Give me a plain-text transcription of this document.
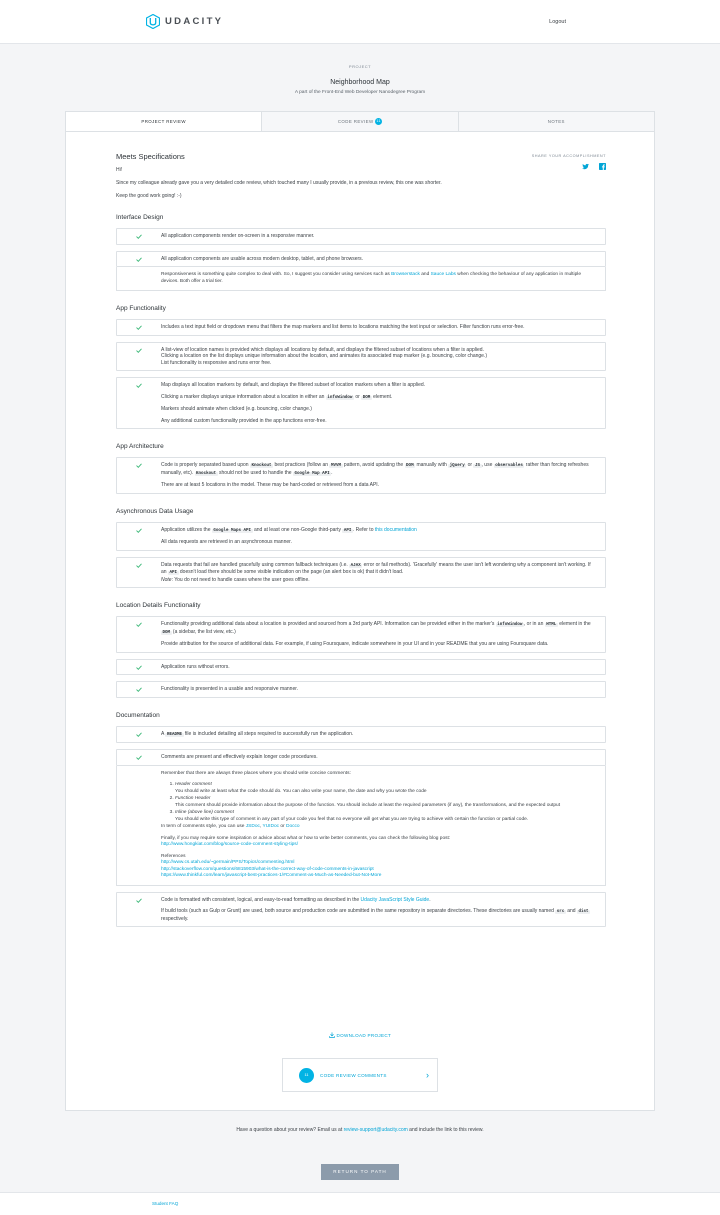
UDACITY	Logout
PROJECT
Neighborhood Map
A part of the Front-End Web Developer Nanodegree Program
PROJECT REVIEW	CODE REVIEW 11	NOTES
Meets Specifications	SHARE YOUR ACCOMPLISHMENT

Hi!

Since my colleague already gave you a very detailed code review, which touched many I usually provide, in a previous review, this one was shorter.

Keep the good work going! :-)

Interface Design

All application components render on-screen in a responsive manner.

All application components are usable across modern desktop, tablet, and phone browsers.

Responsiveness is something quite complex to deal with. So, I suggest you consider using services such as Browserstack and Sauce Labs when checking the behaviour of any application in multiple devices. Both offer a trial tier.

App Functionality

Includes a text input field or dropdown menu that filters the map markers and list items to locations matching the text input or selection. Filter function runs error-free.

A list-view of location names is provided which displays all locations by default, and displays the filtered subset of locations when a filter is applied.
Clicking a location on the list displays unique information about the location, and animates its associated map marker (e.g. bouncing, color change.)
List functionality is responsive and runs error free.

Map displays all location markers by default, and displays the filtered subset of location markers when a filter is applied.

Clicking a marker displays unique information about a location in either an infoWindow or DOM element.

Markers should animate when clicked (e.g. bouncing, color change.)

Any additional custom functionality provided in the app functions error-free.

App Architecture

Code is properly separated based upon Knockout best practices (follow an MVVM pattern, avoid updating the DOM manually with jQuery or JS , use observables rather than forcing refreshes manually, etc). Knockout should not be used to handle the Google Map API .

There are at least 5 locations in the model. These may be hard-coded or retrieved from a data API.

Asynchronous Data Usage

Application utilizes the Google Maps API and at least one non-Google third-party API . Refer to this documentation

All data requests are retrieved in an asynchronous manner.

Data requests that fail are handled gracefully using common fallback techniques (i.e. AJAX error or fail methods). 'Gracefully' means the user isn't left wondering why a component isn't working. If an API doesn't load there should be some visible indication on the page (an alert box is ok) that it didn't load.
Note: You do not need to handle cases where the user goes offline.
Location Details Functionality

Functionality providing additional data about a location is provided and sourced from a 3rd party API. Information can be provided either in the marker's infoWindow , or in an HTML element in the DOM (a sidebar, the list view, etc.)

Provide attribution for the source of additional data. For example, if using Foursquare, indicate somewhere in your UI and in your README that you are using Foursquare data.

Application runs without errors.

Functionality is presented in a usable and responsive manner.

Documentation

A README file is included detailing all steps required to successfully run the application.

Comments are present and effectively explain longer code procedures.

Remember that there are always three places where you should write concise comments:

1. Header comment
You should write at least what the code should do. You can also write your name, the date and why you wrote the code
2. Function Header
This comment should provide information about the purpose of the function. You should include at least the required parameters (if any), the transformations, and the expected output
3. Inline (above line) comment
You should write this type of comment in any part of your code you feel that no everyone will get what you are trying to achieve with certain the function or partial code.

In term of comments style, you can use JSDoc, YUIDoc or Docco

Finally, if you may require some inspiration or advice about what or how to write better comments, you can check the following blog post:
http://www.hongkiat.com/blog/source-code-comment-styling-tips/

References
http://www.cs.utah.edu/~germain/PPS/Topics/commenting.html
http://stackoverflow.com/questions/6815903/what-is-the-correct-way-of-code-comments-in-javascript
https://www.thinkful.com/learn/javascript-best-practices-1/#Comment-as-Much-as-Needed-but-Not-More

Code is formatted with consistent, logical, and easy-to-read formatting as described in the Udacity JavaScript Style Guide.

If build tools (such as Gulp or Grunt) are used, both source and production code are submitted in the same repository in separate directories. These directories are usually named src and dist respectively.

DOWNLOAD PROJECT
11	CODE REVIEW COMMENTS	›
Have a question about your review? Email us at review-support@udacity.com and include the link to this review.
RETURN TO PATH
Student FAQ
